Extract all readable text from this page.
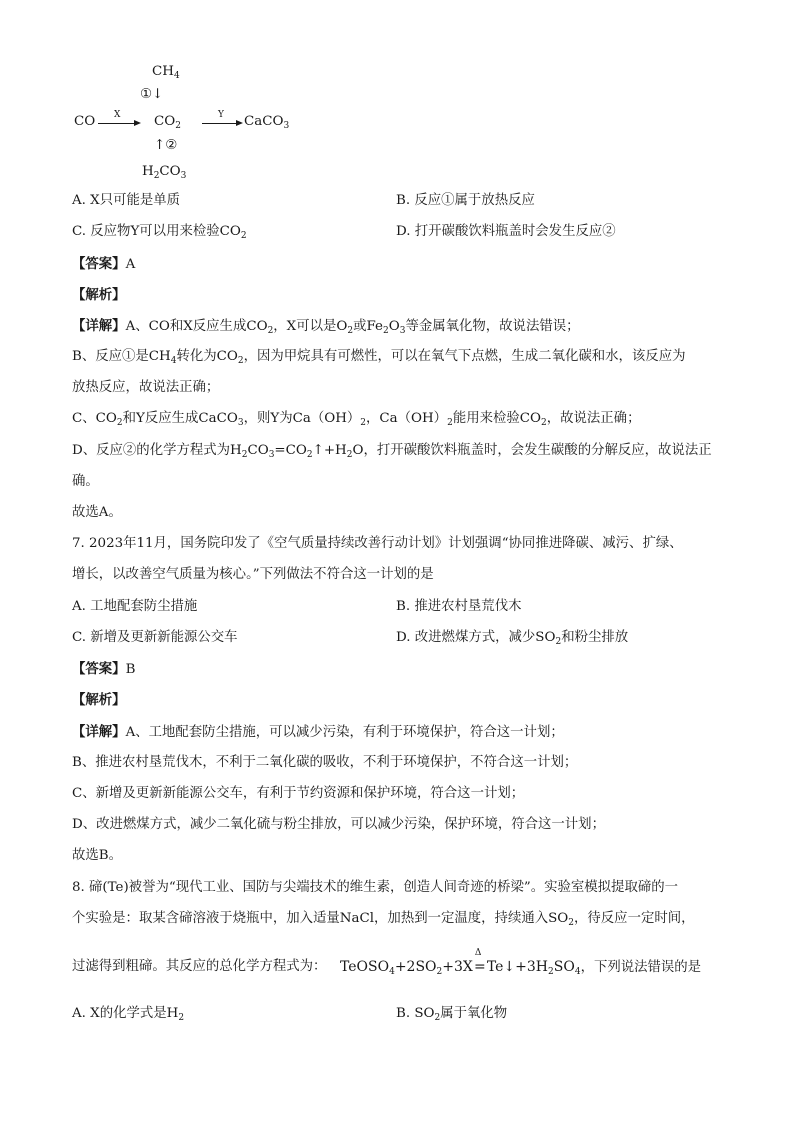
$CH_4$
①↓
CO X	$CO_2$
Y CaCO$_3$
↑②
$H_2CO_3$
A. X只可能是单质	B. 反应①属于放热反应
C. 反应物Y可以用来检验$CO_2$	D. 打开碳酸饮料瓶盖时会发生反应②
【答案】A
【解析】
【详解】A、CO和X反应生成$CO_2$，X可以是$O_2$或$Fe_2O_3$等金属氧化物，故说法错误；
B、反应①是$CH_4$转化为$CO_2$，因为甲烷具有可燃性，可以在氧气下点燃，生成二氧化碳和水，该反应为
放热反应，故说法正确；
C、$CO_2$和Y反应生成CaCO$_3$，则Y为$Ca(OH)_2$，$Ca(OH)_2$能用来检验$CO_2$，故说法正确；
D、反应②的化学方程式为$H_2CO_3=CO_2↑+H_2O$，打开碳酸饮料瓶盖时，会发生碳酸的分解反应，故说法正
确。
故选A。
7. 2023年11月，国务院印发了《空气质量持续改善行动计划》计划强调“协同推进降碳、减污、扩绿、
增长，以改善空气质量为核心。”下列做法不符合这一计划的是
A. 工地配套防尘措施	B. 推进农村垦荒伐木
C. 新增及更新新能源公交车	D. 改进燃煤方式，减少$SO_2$和粉尘排放
【答案】B
【解析】
【详解】A、工地配套防尘措施，可以减少污染，有利于环境保护，符合这一计划；
B、推进农村垦荒伐木，不利于二氧化碳的吸收，不利于环境保护，不符合这一计划；
C、新增及更新新能源公交车，有利于节约资源和保护环境，符合这一计划；
D、改进燃煤方式，减少二氧化硫与粉尘排放，可以减少污染，保护环境，符合这一计划；
故选B。
8. 碲(Te)被誉为“现代工业、国防与尖端技术的维生素，创造人间奇迹的桥梁”。实验室模拟提取碲的一
个实验是：取某含碲溶液于烧瓶中，加入适量NaCl，加热到一定温度，持续通入$SO_2$，待反应一定时间，
过滤得到粗碲。其反应的总化学方程式为： $TeOSO_4+2SO_2+3X$
Δ
$=Te↓+3H_2SO_4$，下列说法错误的是
A. X的化学式是$H_2$	B. $SO_2$属于氧化物
